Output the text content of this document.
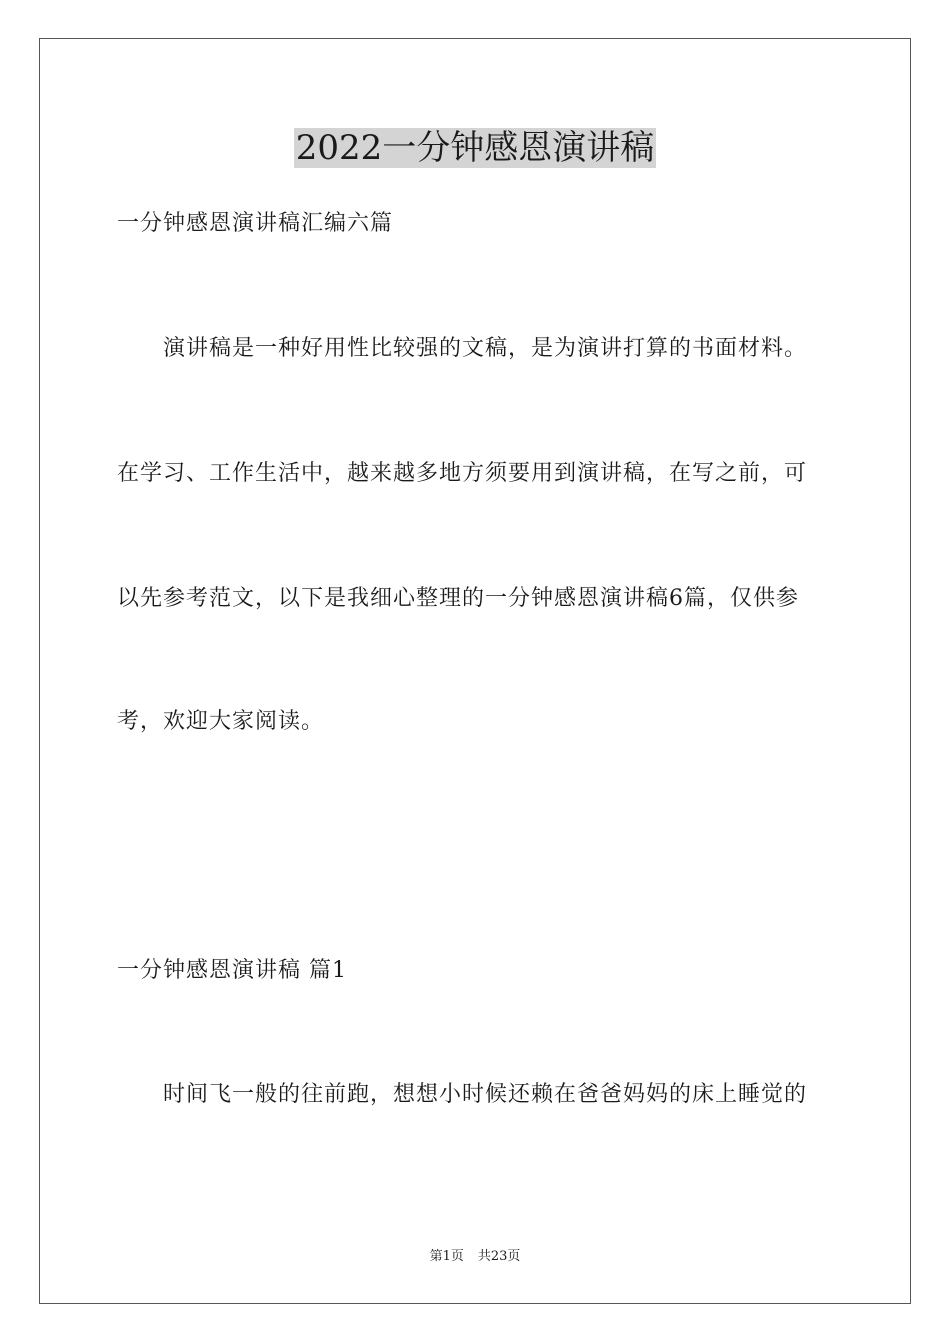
2022一分钟感恩演讲稿
一分钟感恩演讲稿汇编六篇
演讲稿是一种好用性比较强的文稿，是为演讲打算的书面材料。
在学习、工作生活中，越来越多地方须要用到演讲稿，在写之前，可
以先参考范文，以下是我细心整理的一分钟感恩演讲稿6篇，仅供参
考，欢迎大家阅读。
一分钟感恩演讲稿 篇1
时间飞一般的往前跑，想想小时候还赖在爸爸妈妈的床上睡觉的
第1页 共23页
